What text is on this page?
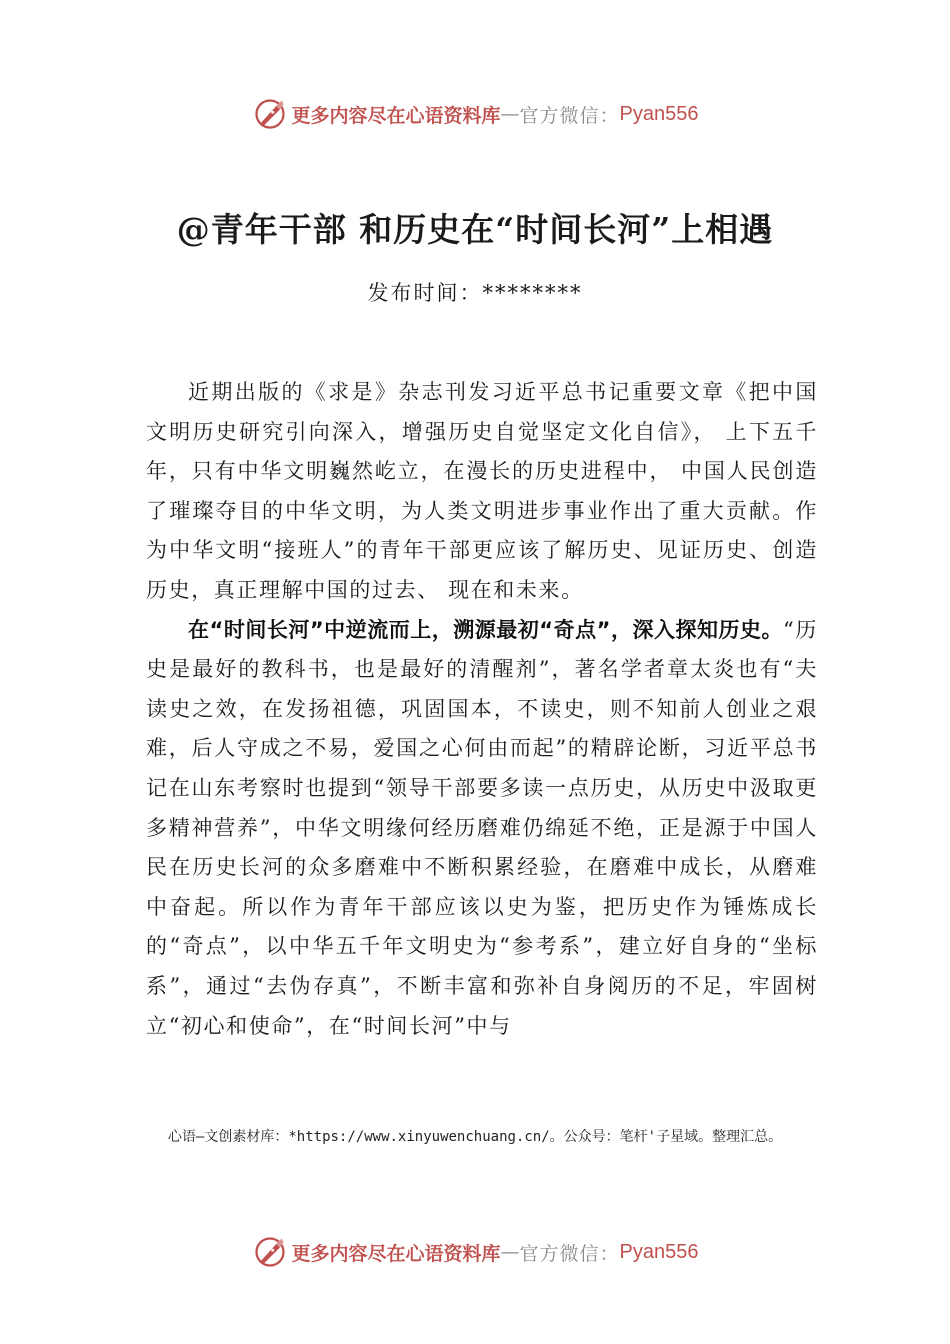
更多内容尽在心语资料库 — 官方微信： Pyan556
@青年干部 和历史在“时间长河”上相遇
发布时间：********

近期出版的《求是》杂志刊发习近平总书记重要文章《把中国文明历史研究引向深入，增强历史自觉坚定文化自信》， 上下五千年，只有中华文明巍然屹立，在漫长的历史进程中， 中国人民创造了璀璨夺目的中华文明，为人类文明进步事业作出了重大贡献。作为中华文明“接班人”的青年干部更应该了解历史、见证历史、创造历史，真正理解中国的过去、 现在和未来。

在“时间长河”中逆流而上，溯源最初“奇点”，深入探知历史。“历史是最好的教科书，也是最好的清醒剂”，著名学者章太炎也有“夫读史之效，在发扬祖德，巩固国本，不读史，则不知前人创业之艰难，后人守成之不易，爱国之心何由而起”的精辟论断，习近平总书记在山东考察时也提到“领导干部要多读一点历史，从历史中汲取更多精神营养”，中华文明缘何经历磨难仍绵延不绝，正是源于中国人民在历史长河的众多磨难中不断积累经验，在磨难中成长，从磨难中奋起。所以作为青年干部应该以史为鉴，把历史作为锤炼成长的“奇点”，以中华五千年文明史为“参考系”，建立好自身的“坐标系”，通过“去伪存真”，不断丰富和弥补自身阅历的不足，牢固树立“初心和使命”，在“时间长河”中与

心语—文创素材库：*https://www.xinyuwenchuang.cn/。公众号：笔杆'子星域。整理汇总。
更多内容尽在心语资料库 — 官方微信： Pyan556
